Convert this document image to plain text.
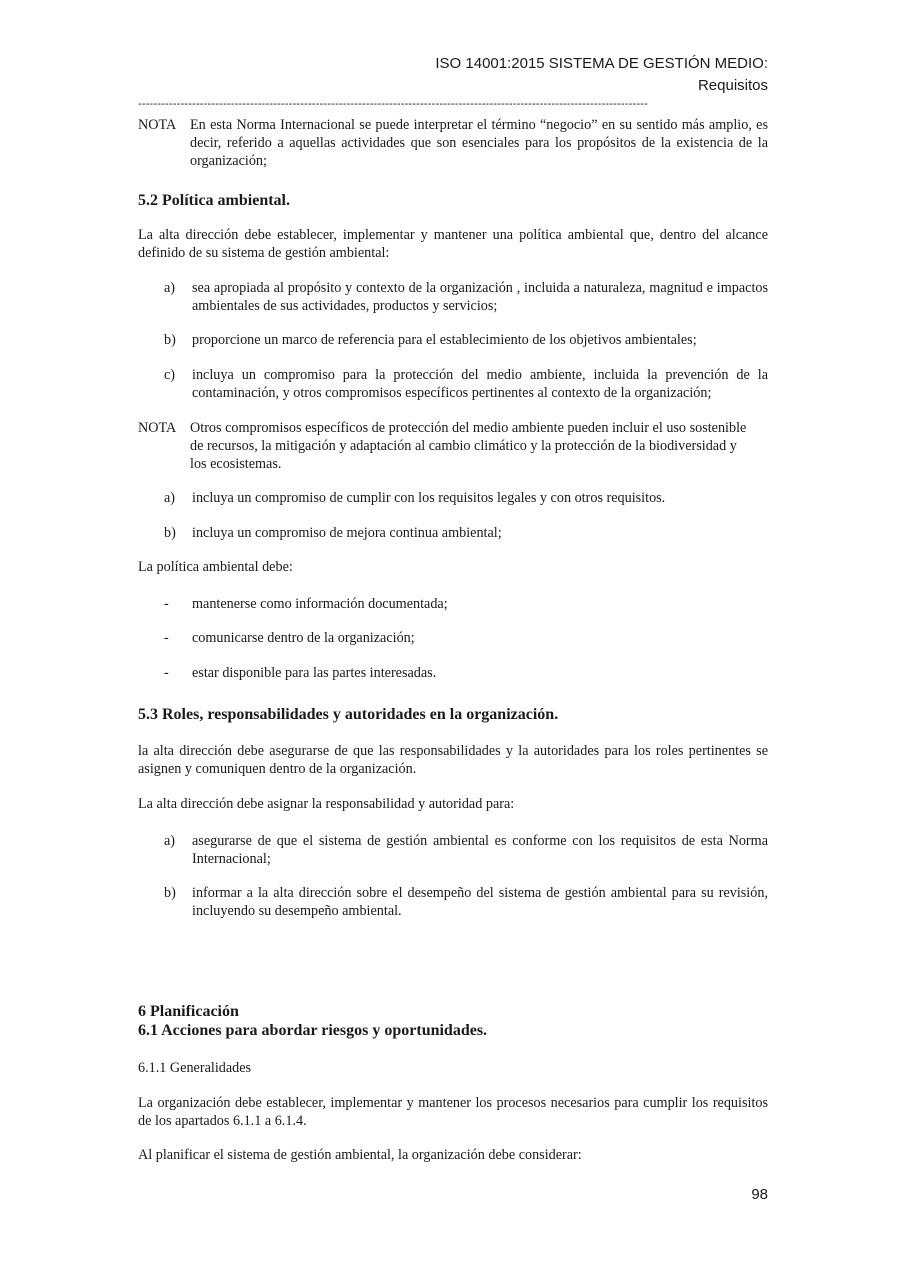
ISO 14001:2015 SISTEMA DE GESTIÓN MEDIO:
Requisitos
------------------------------------------------------------------------------------------------------------------------------------
NOTA En esta Norma Internacional se puede interpretar el término “negocio” en su sentido más amplio, es decir, referido a aquellas actividades que son esenciales para los propósitos de la existencia de la organización;
5.2 Política ambiental.
La alta dirección debe establecer, implementar y mantener una política ambiental que, dentro del alcance definido de su sistema de gestión ambiental:
a) sea apropiada al propósito y contexto de la organización , incluida a naturaleza, magnitud e impactos ambientales de sus actividades, productos y servicios;
b) proporcione un marco de referencia para el establecimiento de los objetivos ambientales;
c) incluya un compromiso para la protección del medio ambiente, incluida la prevención de la contaminación, y otros compromisos específicos pertinentes al contexto de la organización;
NOTA Otros compromisos específicos de protección del medio ambiente pueden incluir el uso sostenible de recursos, la mitigación y adaptación al cambio climático y la protección de la biodiversidad y los ecosistemas.
a) incluya un compromiso de cumplir con los requisitos legales y con otros requisitos.
b) incluya un compromiso de mejora continua ambiental;
La política ambiental debe:
- mantenerse como información documentada;
- comunicarse dentro de la organización;
- estar disponible para las partes interesadas.
5.3 Roles, responsabilidades y autoridades en la organización.
la alta dirección debe asegurarse de que las responsabilidades y la autoridades para los roles pertinentes se asignen y comuniquen dentro de la organización.
La alta dirección debe asignar la responsabilidad y autoridad para:
a) asegurarse de que el sistema de gestión ambiental es conforme con los requisitos de esta Norma Internacional;
b) informar a la alta dirección sobre el desempeño del sistema de gestión ambiental para su revisión, incluyendo su desempeño ambiental.
6 Planificación
6.1 Acciones para abordar riesgos y oportunidades.
6.1.1 Generalidades
La organización debe establecer, implementar y mantener los procesos necesarios para cumplir los requisitos de los apartados 6.1.1 a 6.1.4.
Al planificar el sistema de gestión ambiental, la organización debe considerar:
98
